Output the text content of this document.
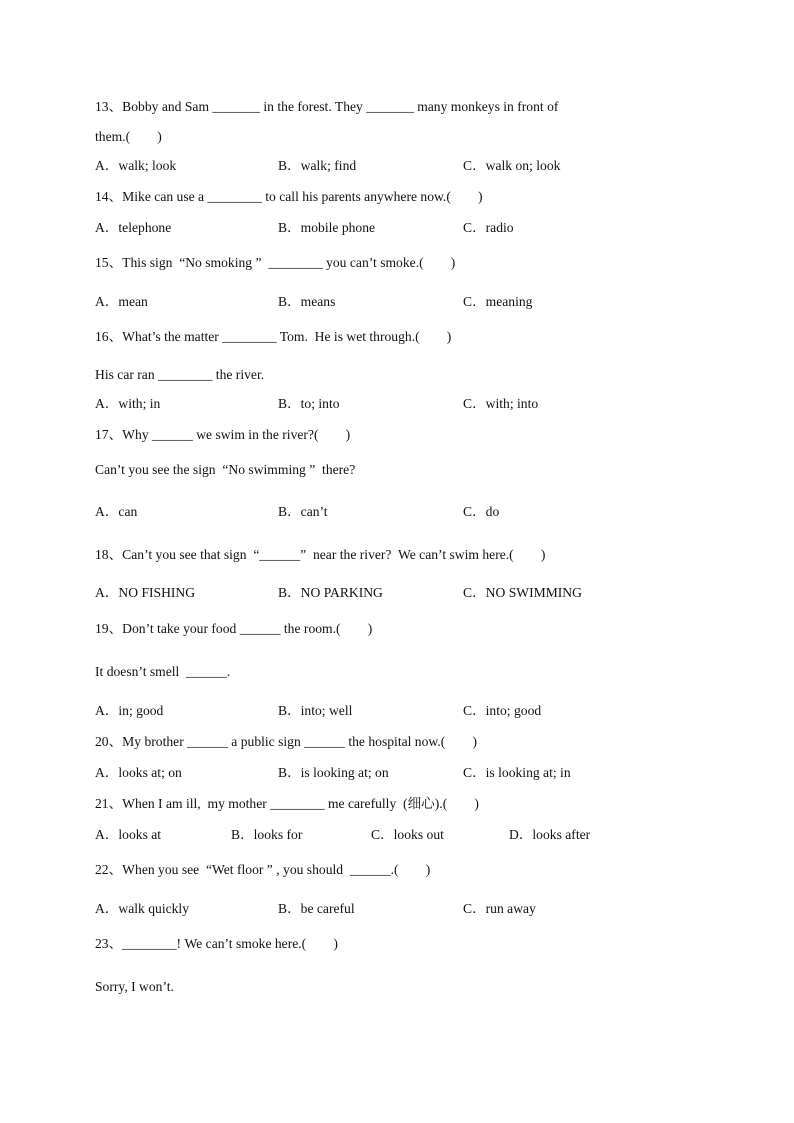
13、Bobby and Sam _______ in the forest. They _______ many monkeys in front of
them.(        )
A．walk; look	B．walk; find	C．walk on; look
14、Mike can use a ________ to call his parents anywhere now.(        )
A．telephone	B．mobile phone	C．radio
15、This sign  “No smoking ”  ________ you can’t smoke.(        )
A．mean	B．means	C．meaning
16、What’s the matter ________ Tom.  He is wet through.(        )
His car ran ________ the river.
A．with; in	B．to; into	C．with; into
17、Why ______ we swim in the river?(        )
Can’t you see the sign  “No swimming ”  there?
A．can	B．can’t	C．do
18、Can’t you see that sign  “______”  near the river?  We can’t swim here.(        )
A．NO FISHING	B．NO PARKING	C．NO SWIMMING
19、Don’t take your food ______ the room.(        )
It doesn’t smell  ______.
A．in; good	B．into; well	C．into; good
20、My brother ______ a public sign ______ the hospital now.(        )
A．looks at; on	B．is looking at; on	C．is looking at; in
21、When I am ill,  my mother ________ me carefully  (细心).(        )
A．looks at	B．looks for	C．looks out	D．looks after
22、When you see  “Wet floor ” , you should  ______.(        )
A．walk quickly	B．be careful	C．run away
23、________! We can’t smoke here.(        )
Sorry, I won’t.
